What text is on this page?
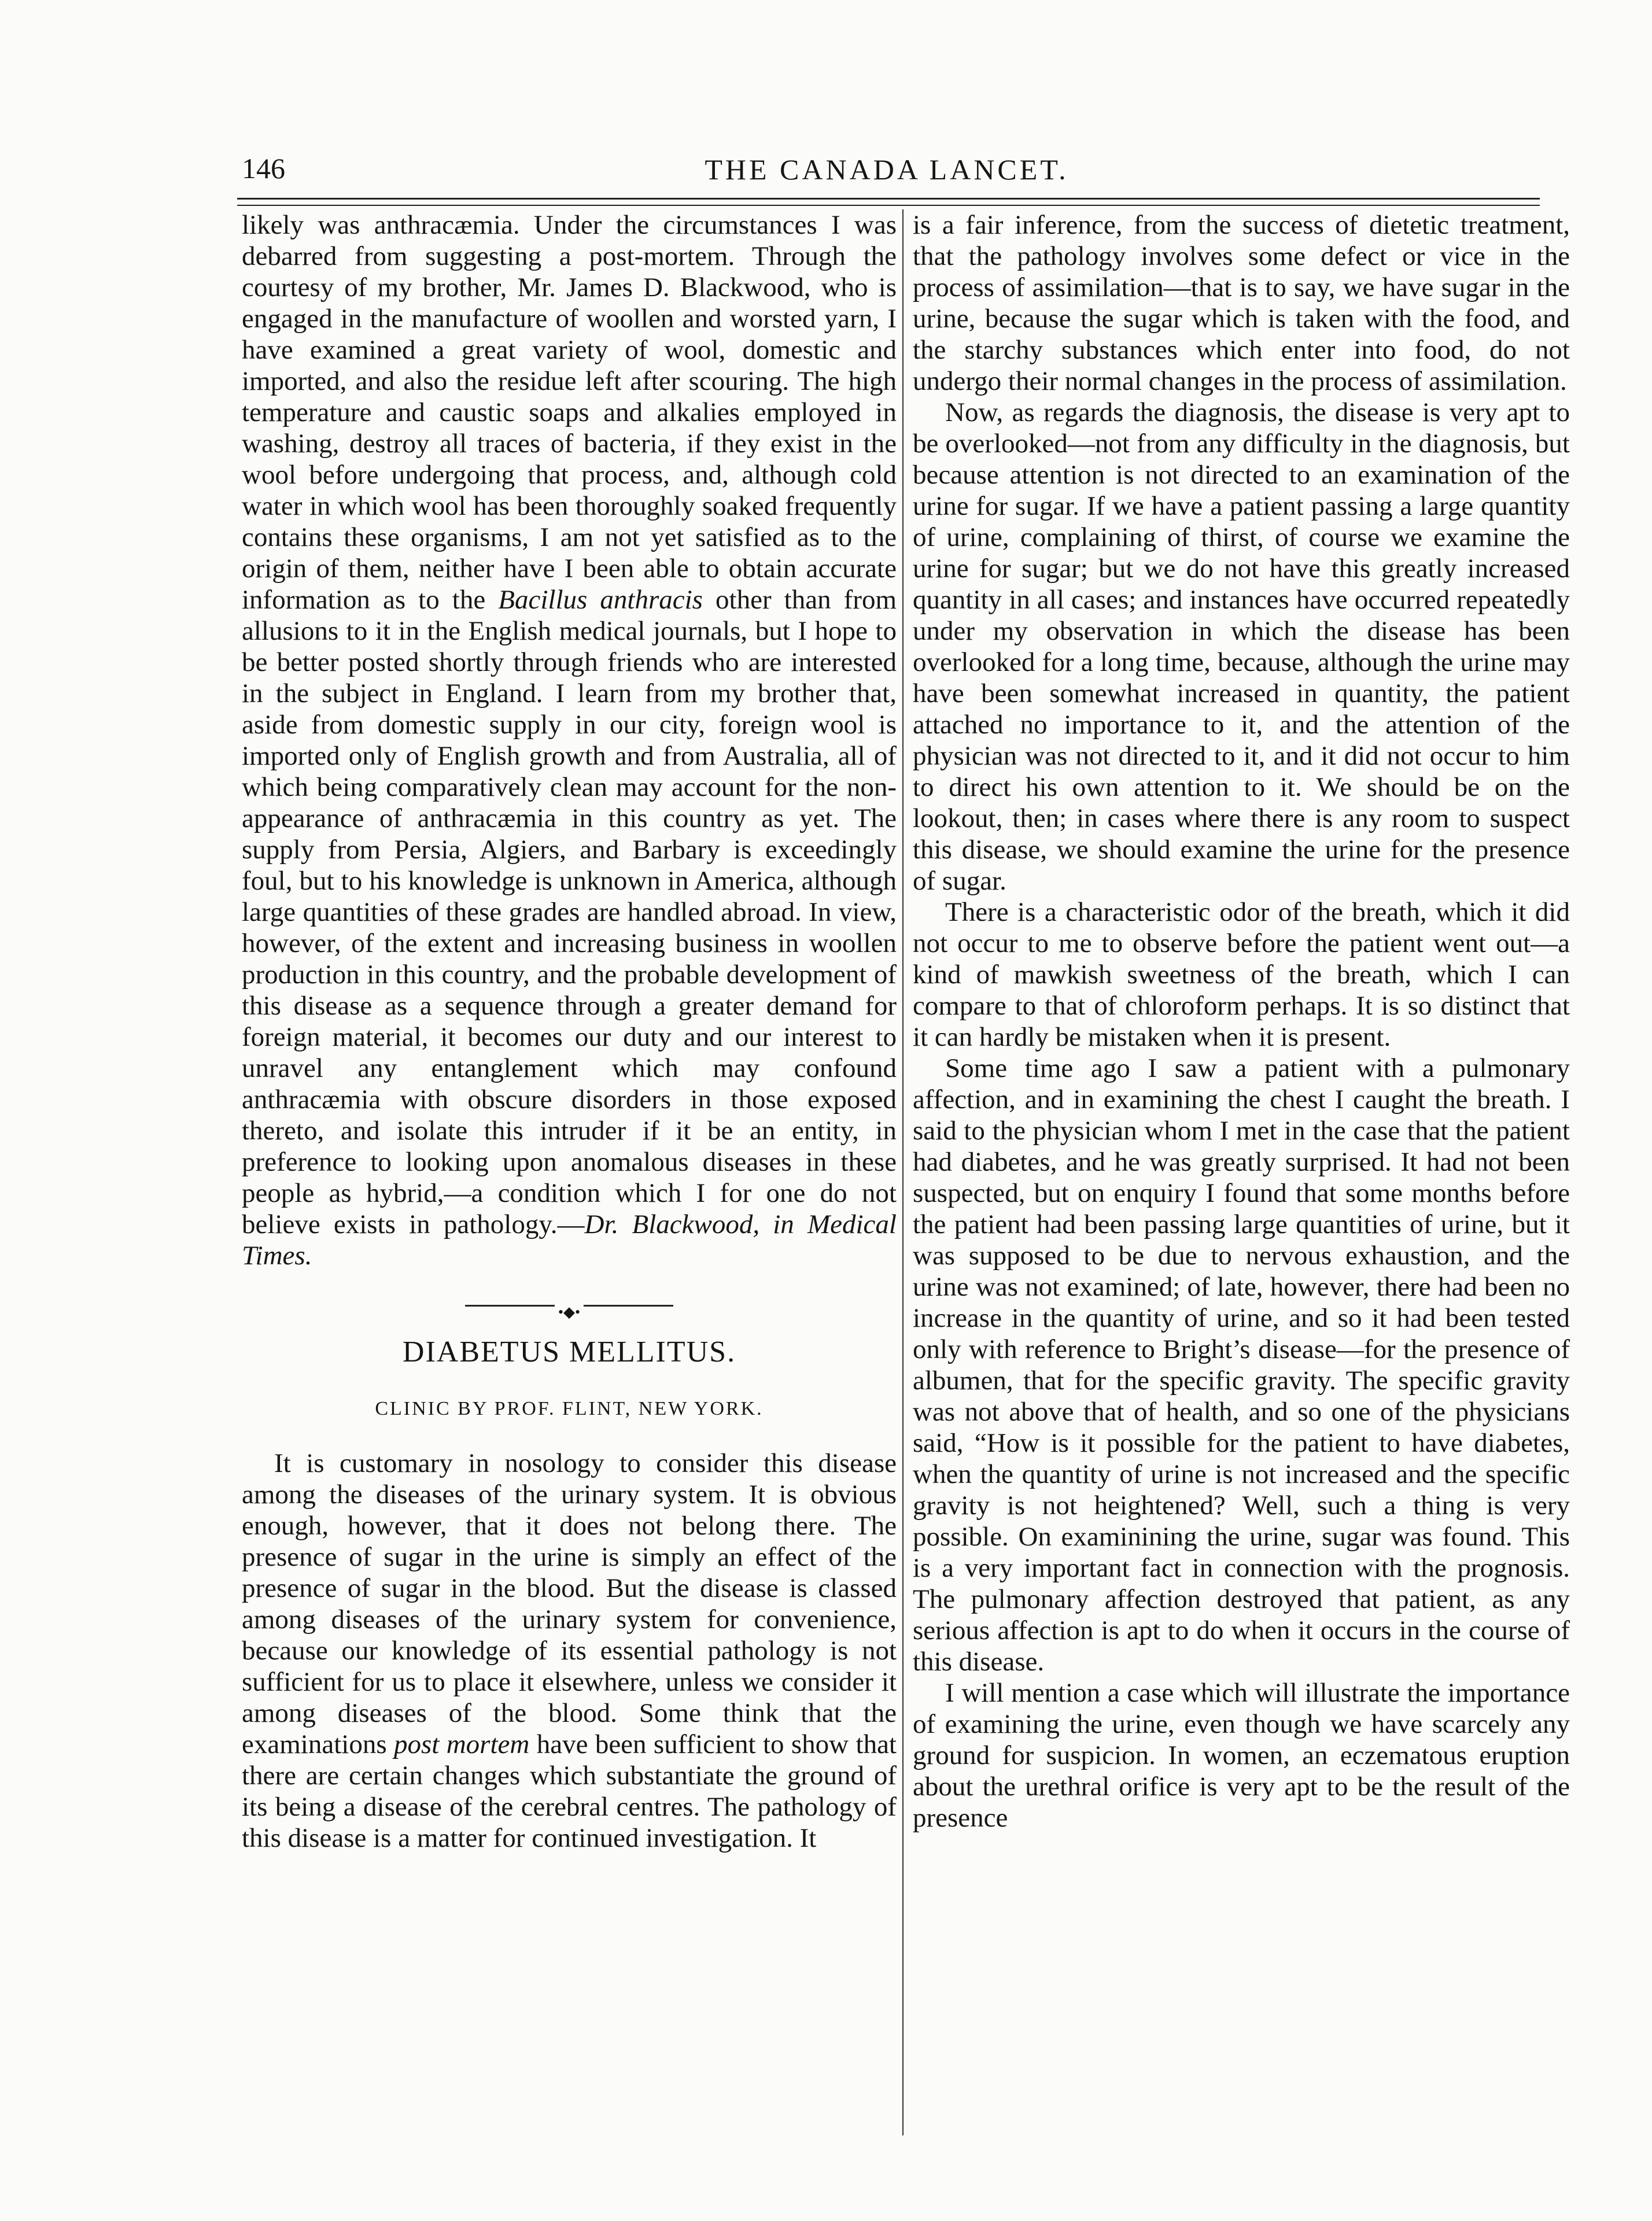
146	THE CANADA LANCET.

likely was anthracæmia. Under the circumstances I was debarred from suggesting a post-mortem. Through the courtesy of my brother, Mr. James D. Blackwood, who is engaged in the manufacture of woollen and worsted yarn, I have examined a great variety of wool, domestic and imported, and also the residue left after scouring. The high temperature and caustic soaps and alkalies employed in washing, destroy all traces of bacteria, if they exist in the wool before undergoing that process, and, although cold water in which wool has been thoroughly soaked frequently contains these organisms, I am not yet satisfied as to the origin of them, neither have I been able to obtain accurate information as to the Bacillus anthracis other than from allusions to it in the English medical journals, but I hope to be better posted shortly through friends who are interested in the subject in England. I learn from my brother that, aside from domestic supply in our city, foreign wool is imported only of English growth and from Australia, all of which being comparatively clean may account for the non-appearance of anthracæmia in this country as yet. The supply from Persia, Algiers, and Barbary is exceedingly foul, but to his knowledge is unknown in America, although large quantities of these grades are handled abroad. In view, however, of the extent and increasing business in woollen production in this country, and the probable development of this disease as a sequence through a greater demand for foreign material, it becomes our duty and our interest to unravel any entanglement which may confound anthracæmia with obscure disorders in those exposed thereto, and isolate this intruder if it be an entity, in preference to looking upon anomalous diseases in these people as hybrid,—a condition which I for one do not believe exists in pathology.—Dr. Blackwood, in Medical Times.

•◆•
DIABETUS MELLITUS.
CLINIC BY PROF. FLINT, NEW YORK.

It is customary in nosology to consider this disease among the diseases of the urinary system. It is obvious enough, however, that it does not belong there. The presence of sugar in the urine is simply an effect of the presence of sugar in the blood. But the disease is classed among diseases of the urinary system for convenience, because our knowledge of its essential pathology is not sufficient for us to place it elsewhere, unless we consider it among diseases of the blood. Some think that the examinations post mortem have been sufficient to show that there are certain changes which substantiate the ground of its being a disease of the cerebral centres. The pathology of this disease is a matter for continued investigation. It

is a fair inference, from the success of dietetic treatment, that the pathology involves some defect or vice in the process of assimilation—that is to say, we have sugar in the urine, because the sugar which is taken with the food, and the starchy substances which enter into food, do not undergo their normal changes in the process of assimilation.

Now, as regards the diagnosis, the disease is very apt to be overlooked—not from any difficulty in the diagnosis, but because attention is not directed to an examination of the urine for sugar. If we have a patient passing a large quantity of urine, complaining of thirst, of course we examine the urine for sugar; but we do not have this greatly increased quantity in all cases; and instances have occurred repeatedly under my observation in which the disease has been overlooked for a long time, because, although the urine may have been somewhat increased in quantity, the patient attached no importance to it, and the attention of the physician was not directed to it, and it did not occur to him to direct his own attention to it. We should be on the lookout, then; in cases where there is any room to suspect this disease, we should examine the urine for the presence of sugar.

There is a characteristic odor of the breath, which it did not occur to me to observe before the patient went out—a kind of mawkish sweetness of the breath, which I can compare to that of chloroform perhaps. It is so distinct that it can hardly be mistaken when it is present.

Some time ago I saw a patient with a pulmonary affection, and in examining the chest I caught the breath. I said to the physician whom I met in the case that the patient had diabetes, and he was greatly surprised. It had not been suspected, but on enquiry I found that some months before the patient had been passing large quantities of urine, but it was supposed to be due to nervous exhaustion, and the urine was not examined; of late, however, there had been no increase in the quantity of urine, and so it had been tested only with reference to Bright’s disease—for the presence of albumen, that for the specific gravity. The specific gravity was not above that of health, and so one of the physicians said, “How is it possible for the patient to have diabetes, when the quantity of urine is not increased and the specific gravity is not heightened? Well, such a thing is very possible. On examinining the urine, sugar was found. This is a very important fact in connection with the prognosis. The pulmonary affection destroyed that patient, as any serious affection is apt to do when it occurs in the course of this disease.

I will mention a case which will illustrate the importance of examining the urine, even though we have scarcely any ground for suspicion. In women, an eczematous eruption about the urethral orifice is very apt to be the result of the presence
